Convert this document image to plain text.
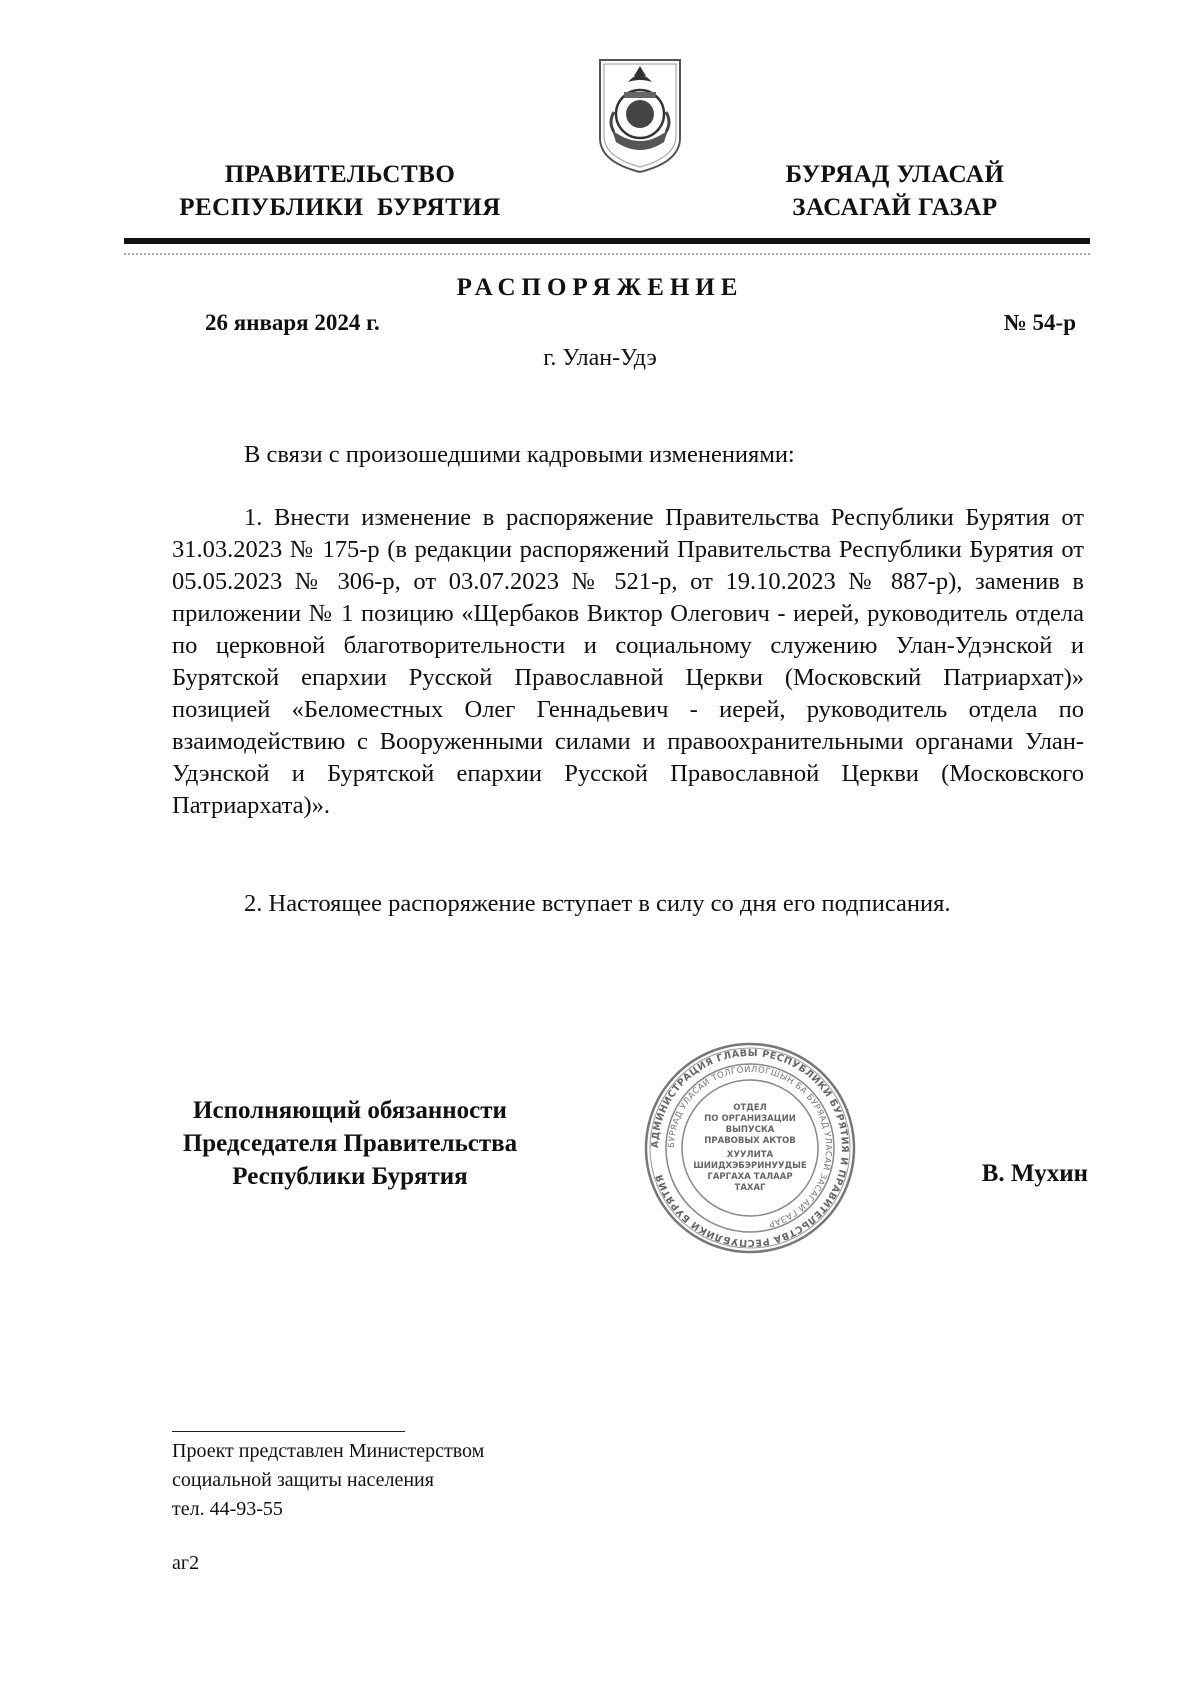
ПРАВИТЕЛЬСТВО
РЕСПУБЛИКИ  БУРЯТИЯ
БУРЯАД УЛАСАЙ
ЗАСАГАЙ ГАЗАР
РАСПОРЯЖЕНИЕ
26 января 2024 г.	№ 54-р
г. Улан-Удэ
В связи с произошедшими кадровыми изменениями:
1. Внести изменение в распоряжение Правительства Республики Бурятия от 31.03.2023 № 175-р (в редакции распоряжений Правительства Республики Бурятия от 05.05.2023 № 306-р, от 03.07.2023 № 521-р, от 19.10.2023 № 887-р), заменив в приложении № 1 позицию «Щербаков Виктор Олегович - иерей, руководитель отдела по церковной благотворительности и социальному служению Улан-Удэнской и Бурятской епархии Русской Православной Церкви (Московский Патриархат)» позицией «Беломестных Олег Геннадьевич - иерей, руководитель отдела по взаимодействию с Вооруженными силами и правоохранительными органами Улан-Удэнской и Бурятской епархии Русской Православной Церкви (Московского Патриархата)».
2. Настоящее распоряжение вступает в силу со дня его подписания.
Исполняющий обязанности
Председателя Правительства
Республики Бурятия
АДМИНИСТРАЦИЯ ГЛАВЫ РЕСПУБЛИКИ БУРЯТИЯ И ПРАВИТЕЛЬСТВА РЕСПУБЛИКИ БУРЯТИЯ
БУРЯАД УЛАСАЙ ТОЛГОЙЛОГШЫН БА БУРЯАД УЛАСАЙ ЗАСАГАЙ ГАЗАР
ОТДЕЛ
ПО ОРГАНИЗАЦИИ
ВЫПУСКА
ПРАВОВЫХ АКТОВ
ХУУЛИТА
ШИИДХЭБЭРИНУУДЫЕ
ГАРГАХА ТАЛААР
ТАХАГ
В. Мухин
Проект представлен Министерством
социальной защиты населения
тел. 44-93-55
аг2
